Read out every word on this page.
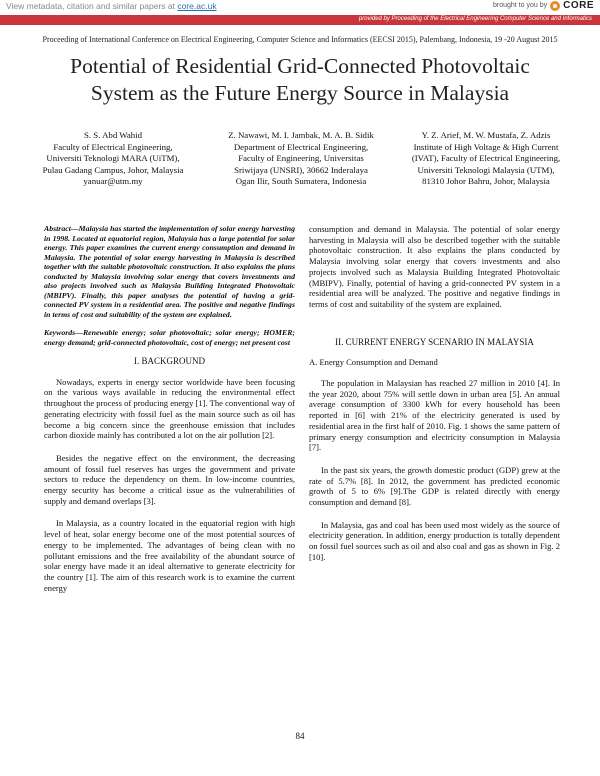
View metadata, citation and similar papers at core.ac.uk	brought to you by CORE
provided by Proceeding of the Electrical Engineering Computer Science and Informatics
Proceeding of International Conference on Electrical Engineering, Computer Science and Informatics (EECSI 2015), Palembang, Indonesia, 19 -20 August 2015
Potential of Residential Grid-Connected Photovoltaic
System as the Future Energy Source in Malaysia
S. S. Abd Wahid
Faculty of Electrical Engineering,
Universiti Teknologi MARA (UiTM),
Pulau Gadang Campus, Johor, Malaysia
yanuar@utm.my
Z. Nawawi, M. I. Jambak, M. A. B. Sidik
Department of Electrical Engineering,
Faculty of Engineering, Universitas
Sriwijaya (UNSRI), 30662 Inderalaya
Ogan Ilir, South Sumatera, Indonesia
Y. Z. Arief, M. W. Mustafa, Z. Adzis
Institute of High Voltage & High Current
(IVAT), Faculty of Electrical Engineering,
Universiti Teknologi Malaysia (UTM),
81310 Johor Bahru, Johor, Malaysia

Abstract—Malaysia has started the implementation of solar energy harvesting in 1998. Located at equatorial region, Malaysia has a large potential for solar energy. This paper examines the current energy consumption and demand in Malaysia. The potential of solar energy harvesting in Malaysia is described together with the suitable photovoltaic construction. It also explains the plans conducted by Malaysia involving solar energy that covers investments and also projects involved such as Malaysia Building Integrated Photovoltaic (MBIPV). Finally, this paper analyses the potential of having a grid-connected PV system in a residential area. The positive and negative findings in terms of cost and suitability of the system are explained.

Keywords—Renewable energy; solar photovoltaic; solar energy; HOMER; energy demand; grid-connected photovoltaic, cost of energy; net present cost

I. BACKGROUND

Nowadays, experts in energy sector worldwide have been focusing on the various ways available in reducing the environmental effect throughout the process of producing energy [1]. The conventional way of generating electricity with fossil fuel as the main source such as oil has become a big concern since the greenhouse emission that includes carbon dioxide mainly has contributed a lot on the air pollution [2].

Besides the negative effect on the environment, the decreasing amount of fossil fuel reserves has urges the government and private sectors to reduce the dependency on them. In low-income countries, energy security has become a critical issue as the vulnerabilities of supply and demand overlaps [3].

In Malaysia, as a country located in the equatorial region with high level of heat, solar energy become one of the most potential sources of energy to be implemented. The advantages of being clean with no pollutant emissions and the free availability of the abundant source of solar energy have made it an ideal alternative to generate electricity for the country [1]. The aim of this research work is to examine the current energy

consumption and demand in Malaysia. The potential of solar energy harvesting in Malaysia will also be described together with the suitable photovoltaic construction. It also explains the plans conducted by Malaysia involving solar energy that covers investments and also projects involved such as Malaysia Building Integrated Photovoltaic (MBIPV). Finally, potential of having a grid-connected PV system in a residential area will be analyzed. The positive and negative findings in terms of cost and suitability of the system are explained.

II. CURRENT ENERGY SCENARIO IN MALAYSIA

A. Energy Consumption and Demand

The population in Malaysian has reached 27 million in 2010 [4]. In the year 2020, about 75% will settle down in urban area [5]. An annual average consumption of 3300 kWh for every household has been reported in [6] with 21% of the electricity generated is used by residential area in the first half of 2010. Fig. 1 shows the same pattern of primary energy consumption and electricity consumption in Malaysia [7].

In the past six years, the growth domestic product (GDP) grew at the rate of 5.7% [8]. In 2012, the government has predicted economic growth of 5 to 6% [9].The GDP is related directly with energy consumption and demand [8].

In Malaysia, gas and coal has been used most widely as the source of electricity generation. In addition, energy production is totally dependent on fossil fuel sources such as oil and also coal and gas as shown in Fig. 2 [10].

84
